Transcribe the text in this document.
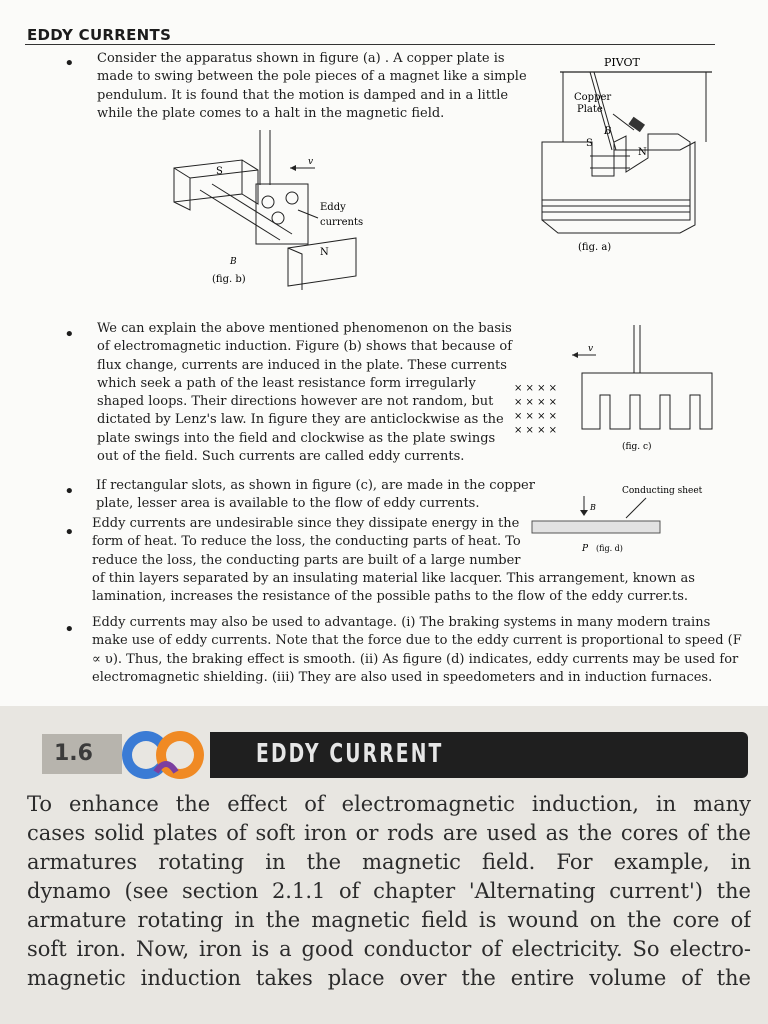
EDDY CURRENTS
• Consider the apparatus shown in figure (a) . A copper plate is
made to swing between the pole pieces of a magnet like a simple
pendulum. It is found that the motion is damped and in a little
while the plate comes to a halt in the magnetic field.
PIVOT
Copper
Plate
B
S
N
(fig. a)
v
S
Eddy
currents
N
B
(fig. b)
• We can explain the above mentioned phenomenon on the basis
of electromagnetic induction. Figure (b) shows that because of
flux change, currents are induced in the plate. These currents
which seek a path of the least resistance form irregularly
shaped loops. Their directions however are not random, but
dictated by Lenz's law. In figure they are anticlockwise as the
plate swings into the field and clockwise as the plate swings
out of the field. Such currents are called eddy currents.
v
× × × ×
× × × ×
× × × ×
× × × ×
(fig. c)
• If rectangular slots, as shown in figure (c), are made in the copper
plate, lesser area is available to the flow of eddy currents.
Conducting sheet
B
P (fig. d)
• Eddy currents are undesirable since they dissipate energy in the
form of heat. To reduce the loss, the conducting parts of heat. To
reduce the loss, the conducting parts are built of a large number
of thin layers separated by an insulating material like lacquer. This arrangement, known as
lamination, increases the resistance of the possible paths to the flow of the eddy currer.ts.
• Eddy currents may also be used to advantage. (i) The braking systems in many modern trains
make use of eddy currents. Note that the force due to the eddy current is proportional to speed (F
∝ υ). Thus, the braking effect is smooth. (ii) As figure (d) indicates, eddy currents may be used for
electromagnetic shielding. (iii) They are also used in speedometers and in induction furnaces.
1.6	EDDY CURRENT
To enhance the effect of electromagnetic induction, in many
cases solid plates of soft iron or rods are used as the cores of the
armatures rotating in the magnetic field. For example, in
dynamo (see section 2.1.1 of chapter 'Alternating current') the
armature rotating in the magnetic field is wound on the core of
soft iron. Now, iron is a good conductor of electricity. So electro-
magnetic induction takes place over the entire volume of the
